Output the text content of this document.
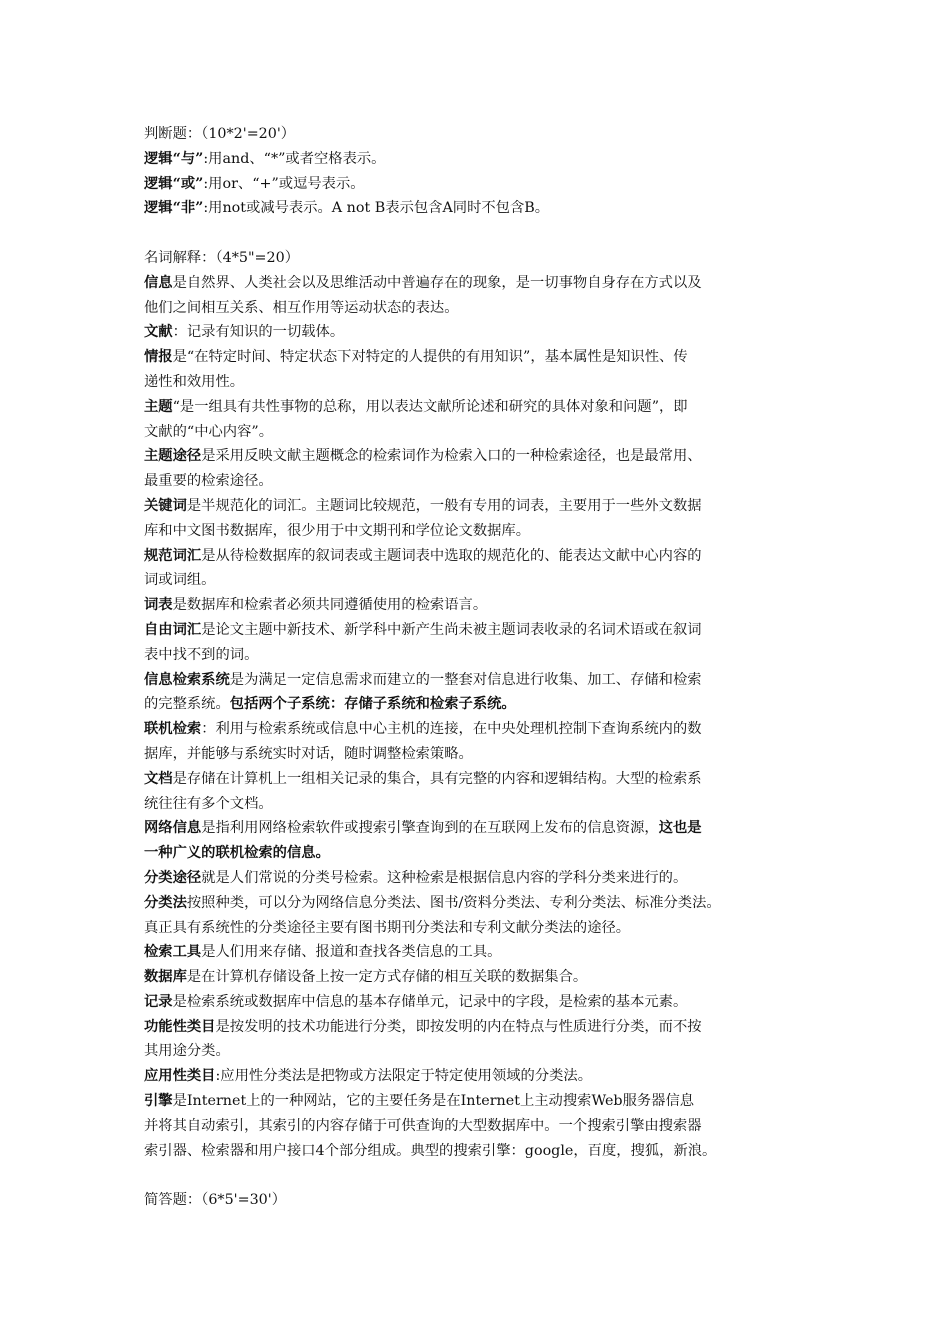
判断题：（10*2'=20'）
逻辑“与”:用and、“*”或者空格表示。
逻辑“或”:用or、“+”或逗号表示。
逻辑“非”:用not或减号表示。A not B表示包含A同时不包含B。
名词解释：（4*5"=20）
信息是自然界、人类社会以及思维活动中普遍存在的现象，是一切事物自身存在方式以及
他们之间相互关系、相互作用等运动状态的表达。
文献：记录有知识的一切载体。
情报是“在特定时间、特定状态下对特定的人提供的有用知识”，基本属性是知识性、传
递性和效用性。
主题“是一组具有共性事物的总称，用以表达文献所论述和研究的具体对象和问题”，即
文献的“中心内容”。
主题途径是采用反映文献主题概念的检索词作为检索入口的一种检索途径，也是最常用、
最重要的检索途径。
关键词是半规范化的词汇。主题词比较规范，一般有专用的词表，主要用于一些外文数据
库和中文图书数据库，很少用于中文期刊和学位论文数据库。
规范词汇是从待检数据库的叙词表或主题词表中选取的规范化的、能表达文献中心内容的
词或词组。
词表是数据库和检索者必须共同遵循使用的检索语言。
自由词汇是论文主题中新技术、新学科中新产生尚未被主题词表收录的名词术语或在叙词
表中找不到的词。
信息检索系统是为满足一定信息需求而建立的一整套对信息进行收集、加工、存储和检索
的完整系统。包括两个子系统：存储子系统和检索子系统。
联机检索：利用与检索系统或信息中心主机的连接，在中央处理机控制下查询系统内的数
据库，并能够与系统实时对话，随时调整检索策略。
文档是存储在计算机上一组相关记录的集合，具有完整的内容和逻辑结构。大型的检索系
统往往有多个文档。
网络信息是指利用网络检索软件或搜索引擎查询到的在互联网上发布的信息资源，这也是
一种广义的联机检索的信息。
分类途径就是人们常说的分类号检索。这种检索是根据信息内容的学科分类来进行的。
分类法按照种类，可以分为网络信息分类法、图书/资料分类法、专利分类法、标准分类法。
真正具有系统性的分类途径主要有图书期刊分类法和专利文献分类法的途径。
检索工具是人们用来存储、报道和查找各类信息的工具。
数据库是在计算机存储设备上按一定方式存储的相互关联的数据集合。
记录是检索系统或数据库中信息的基本存储单元，记录中的字段，是检索的基本元素。
功能性类目是按发明的技术功能进行分类，即按发明的内在特点与性质进行分类，而不按
其用途分类。
应用性类目:应用性分类法是把物或方法限定于特定使用领域的分类法。
引擎是Internet上的一种网站，它的主要任务是在Internet上主动搜索Web服务器信息
并将其自动索引，其索引的内容存储于可供查询的大型数据库中。一个搜索引擎由搜索器
索引器、检索器和用户接口4个部分组成。典型的搜索引擎：google，百度，搜狐，新浪。
简答题：（6*5'=30'）
